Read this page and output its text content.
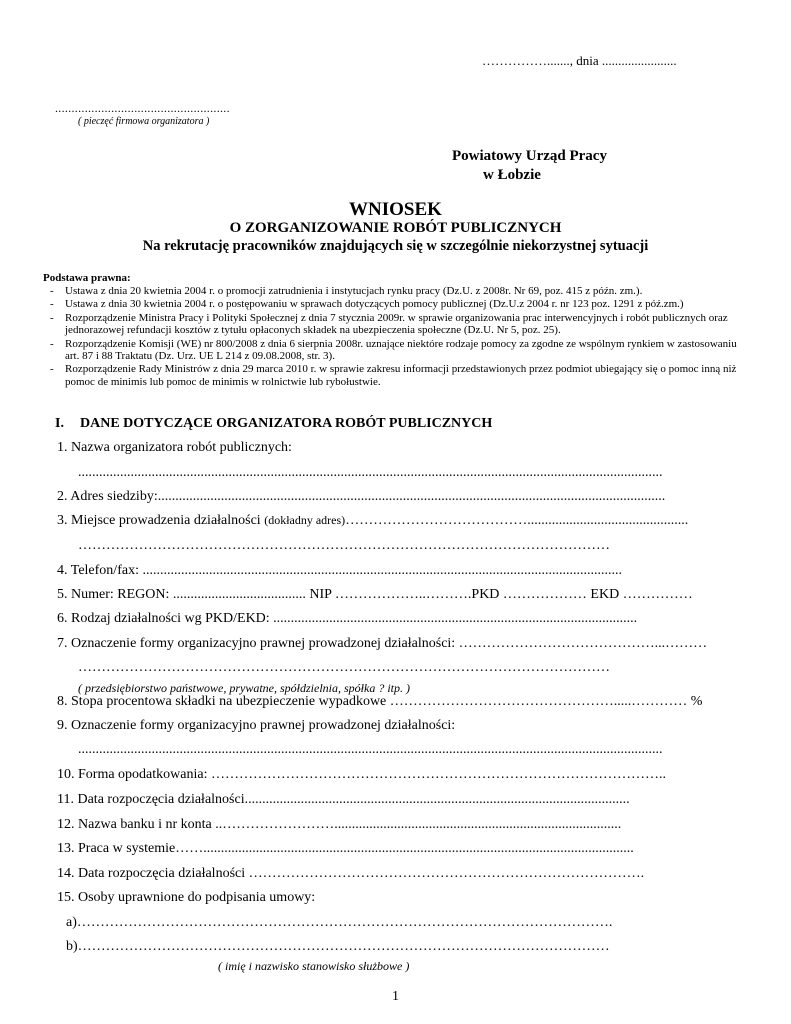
……………......., dnia .......................
.....................................................
( pieczęć firmowa organizatora )
Powiatowy Urząd Pracy
w Łobzie
WNIOSEK
O ZORGANIZOWANIE ROBÓT PUBLICZNYCH
Na rekrutację pracowników znajdujących się w szczególnie niekorzystnej sytuacji
Podstawa prawna:
- Ustawa z dnia 20 kwietnia 2004 r. o promocji zatrudnienia i instytucjach rynku pracy (Dz.U. z 2008r. Nr 69, poz. 415 z późn. zm.).
- Ustawa z dnia 30 kwietnia 2004 r. o postępowaniu w sprawach dotyczących pomocy publicznej (Dz.U.z 2004 r. nr 123 poz. 1291 z póź.zm.)
- Rozporządzenie Ministra Pracy i Polityki Społecznej z dnia 7 stycznia 2009r. w sprawie organizowania prac interwencyjnych i robót publicznych oraz jednorazowej refundacji kosztów z tytułu opłaconych składek na ubezpieczenia społeczne (Dz.U. Nr 5, poz. 25).
- Rozporządzenie Komisji (WE) nr 800/2008 z dnia 6 sierpnia 2008r. uznające niektóre rodzaje pomocy za zgodne ze wspólnym rynkiem w zastosowaniu art. 87 i 88 Traktatu (Dz. Urz. UE L 214 z 09.08.2008, str. 3).
- Rozporządzenie Rady Ministrów z dnia 29 marca 2010 r. w sprawie zakresu informacji przedstawionych przez podmiot ubiegający się o pomoc inną niż pomoc de minimis lub pomoc de minimis w rolnictwie lub rybołustwie.
I. DANE DOTYCZĄCE ORGANIZATORA ROBÓT PUBLICZNYCH
1. Nazwa organizatora robót publicznych:
.......................................................................................................................................................................
2. Adres siedziby:.................................................................................................................................................
3. Miejsce prowadzenia działalności (dokładny adres)…………………………………..............................................
……………………………………………………………………………………………………
4. Telefon/fax: .........................................................................................................................................
5. Numer: REGON: ...................................... NIP ………………..……….PKD ……………… EKD ……………
6. Rodzaj działalności wg PKD/EKD: ........................................................................................................
7. Oznaczenie formy organizacyjno prawnej prowadzonej działalności: ……………………………………...………
……………………………………………………………………………………………………
( przedsiębiorstwo państwowe, prywatne, spółdzielnia, spółka ? itp. )
8. Stopa procentowa składki na ubezpieczenie wypadkowe ………………………………………….....………… %
9. Oznaczenie formy organizacyjno prawnej prowadzonej działalności:
.......................................................................................................................................................................
10. Forma opodatkowania: ……………………………………………………………………………………..
11. Data rozpoczęcia działalności..............................................................................................................
12. Nazwa banku i nr konta ..……………………..................................................................................
13. Praca w systemie……...........................................................................................................................
14. Data rozpoczęcia działalności ………………………………………………………………………….
15. Osoby uprawnione do podpisania umowy:
a)…………………………………………………………………………………………………….
b)……………………………………………………………………………………………………
( imię i nazwisko stanowisko służbowe )
1
